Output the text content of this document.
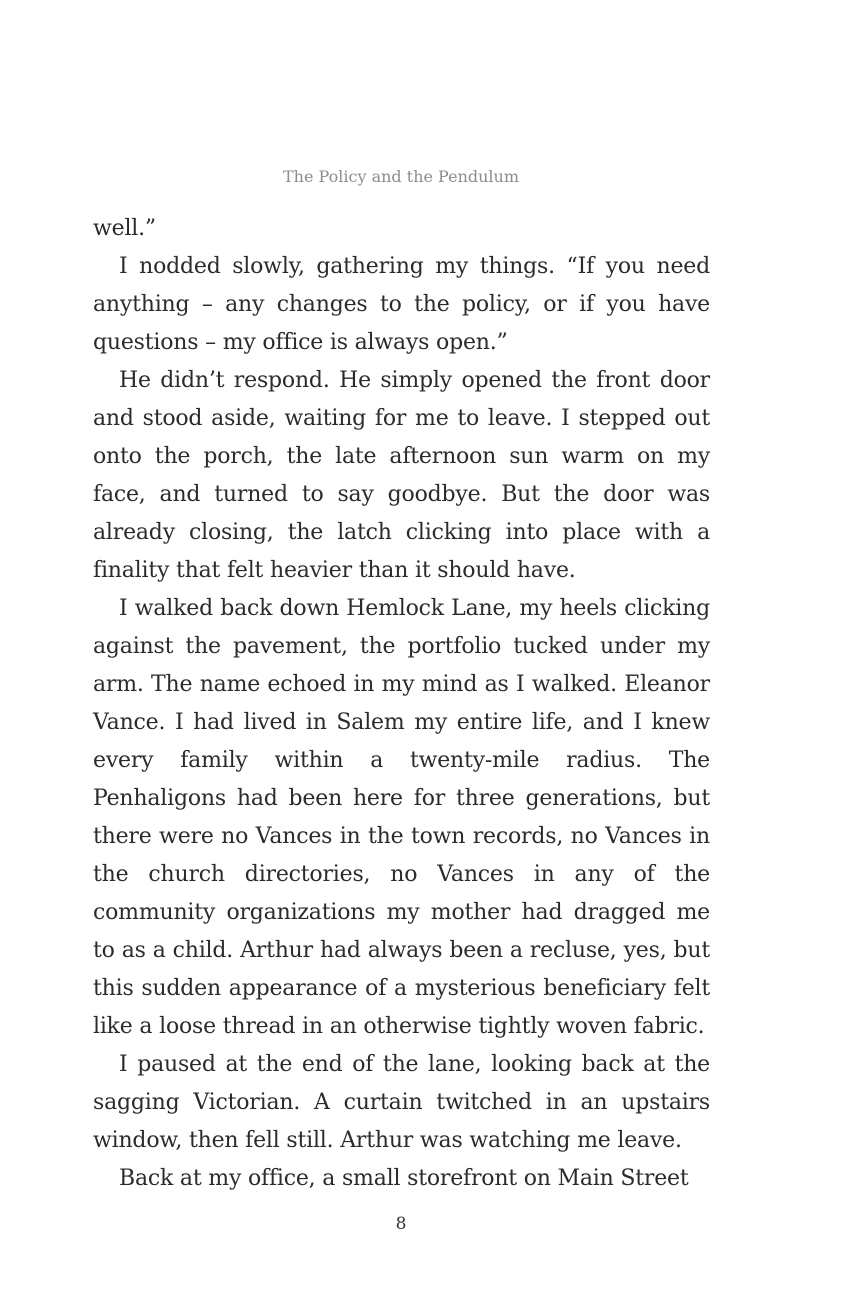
The Policy and the Pendulum

well.”

I nodded slowly, gathering my things. “If you need anything – any changes to the policy, or if you have questions – my office is always open.”

He didn’t respond. He simply opened the front door and stood aside, waiting for me to leave. I stepped out onto the porch, the late afternoon sun warm on my face, and turned to say goodbye. But the door was already closing, the latch clicking into place with a finality that felt heavier than it should have.

I walked back down Hemlock Lane, my heels clicking against the pavement, the portfolio tucked under my arm. The name echoed in my mind as I walked. Eleanor Vance. I had lived in Salem my entire life, and I knew every family within a twenty-mile radius. The Penhaligons had been here for three generations, but there were no Vances in the town records, no Vances in the church directories, no Vances in any of the community organizations my mother had dragged me to as a child. Arthur had always been a recluse, yes, but this sudden appearance of a mysterious beneficiary felt like a loose thread in an otherwise tightly woven fabric.

I paused at the end of the lane, looking back at the sagging Victorian. A curtain twitched in an upstairs window, then fell still. Arthur was watching me leave.

Back at my office, a small storefront on Main Street

8
